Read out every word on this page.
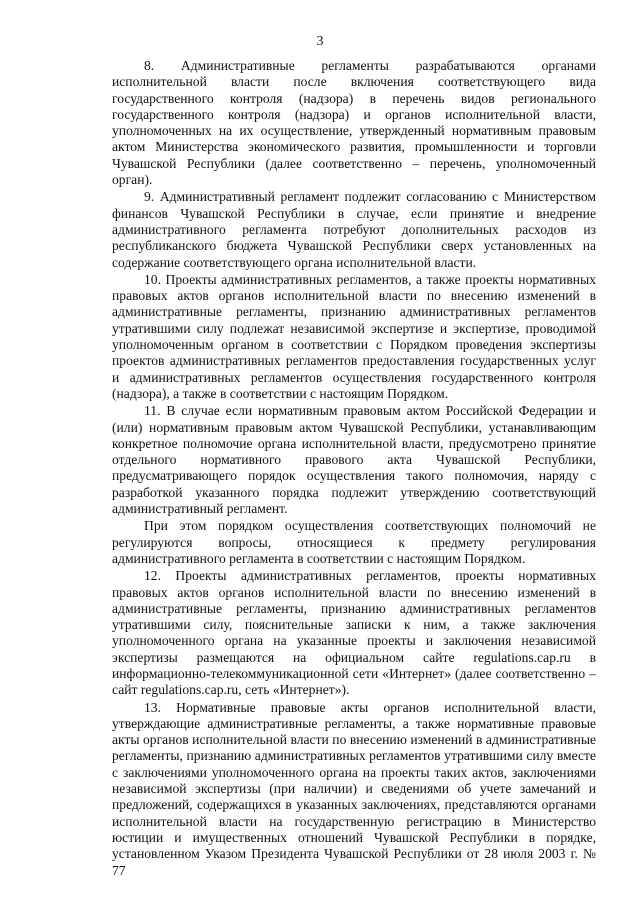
3

8. Административные регламенты разрабатываются органами исполнительной власти после включения соответствующего вида государственного контроля (надзора) в перечень видов регионального государственного контроля (надзора) и органов исполнительной власти, уполномоченных на их осуществление, утвержденный нормативным правовым актом Министерства экономического развития, промышленности и торговли Чувашской Республики (далее соответственно – перечень, уполномоченный орган).

9. Административный регламент подлежит согласованию с Министерством финансов Чувашской Республики в случае, если принятие и внедрение административного регламента потребуют дополнительных расходов из республиканского бюджета Чувашской Республики сверх установленных на содержание соответствующего органа исполнительной власти.

10. Проекты административных регламентов, а также проекты нормативных правовых актов органов исполнительной власти по внесению изменений в административные регламенты, признанию административных регламентов утратившими силу подлежат независимой экспертизе и экспертизе, проводимой уполномоченным органом в соответствии с Порядком проведения экспертизы проектов административных регламентов предоставления государственных услуг и административных регламентов осуществления государственного контроля (надзора), а также в соответствии с настоящим Порядком.

11. В случае если нормативным правовым актом Российской Федерации и (или) нормативным правовым актом Чувашской Республики, устанавливающим конкретное полномочие органа исполнительной власти, предусмотрено принятие отдельного нормативного правового акта Чувашской Республики, предусматривающего порядок осуществления такого полномочия, наряду с разработкой указанного порядка подлежит утверждению соответствующий административный регламент.

При этом порядком осуществления соответствующих полномочий не регулируются вопросы, относящиеся к предмету регулирования административного регламента в соответствии с настоящим Порядком.

12. Проекты административных регламентов, проекты нормативных правовых актов органов исполнительной власти по внесению изменений в административные регламенты, признанию административных регламентов утратившими силу, пояснительные записки к ним, а также заключения уполномоченного органа на указанные проекты и заключения независимой экспертизы размещаются на официальном сайте regulations.cap.ru в информационно-телекоммуникационной сети «Интернет» (далее соответственно – сайт regulations.cap.ru, сеть «Интернет»).

13. Нормативные правовые акты органов исполнительной власти, утверждающие административные регламенты, а также нормативные правовые акты органов исполнительной власти по внесению изменений в административные регламенты, признанию административных регламентов утратившими силу вместе с заключениями уполномоченного органа на проекты таких актов, заключениями независимой экспертизы (при наличии) и сведениями об учете замечаний и предложений, содержащихся в указанных заключениях, представляются органами исполнительной власти на государственную регистрацию в Министерство юстиции и имущественных отношений Чувашской Республики в порядке, установленном Указом Президента Чувашской Республики от 28 июля 2003 г. № 77
